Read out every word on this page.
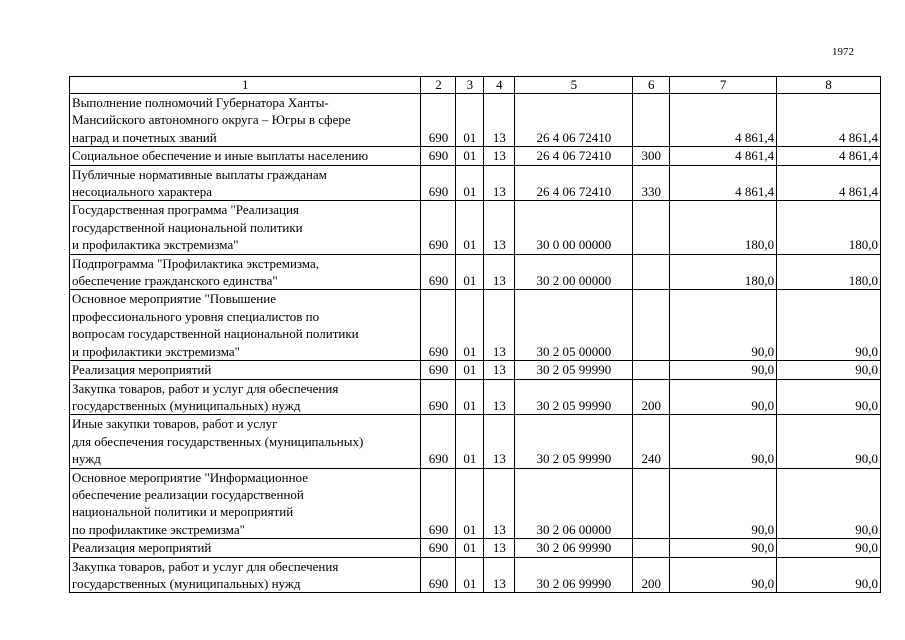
1972
1	2	3	4	5	6	7	8
Выполнение полномочий Губернатора Ханты-
Мансийского автономного округа – Югры в сфере
наград и почетных званий	690	01	13	26 4 06 72410		4 861,4	4 861,4
Социальное обеспечение и иные выплаты населению	690	01	13	26 4 06 72410	300	4 861,4	4 861,4
Публичные нормативные выплаты гражданам
несоциального характера	690	01	13	26 4 06 72410	330	4 861,4	4 861,4
Государственная программа "Реализация
государственной национальной политики
и профилактика экстремизма"	690	01	13	30 0 00 00000		180,0	180,0
Подпрограмма "Профилактика экстремизма,
обеспечение гражданского единства"	690	01	13	30 2 00 00000		180,0	180,0
Основное мероприятие "Повышение
профессионального уровня специалистов по
вопросам государственной национальной политики
и профилактики экстремизма"	690	01	13	30 2 05 00000		90,0	90,0
Реализация мероприятий	690	01	13	30 2 05 99990		90,0	90,0
Закупка товаров, работ и услуг для обеспечения
государственных (муниципальных) нужд	690	01	13	30 2 05 99990	200	90,0	90,0
Иные закупки товаров, работ и услуг
для обеспечения государственных (муниципальных)
нужд	690	01	13	30 2 05 99990	240	90,0	90,0
Основное мероприятие "Информационное
обеспечение реализации государственной
национальной политики и мероприятий
по профилактике экстремизма"	690	01	13	30 2 06 00000		90,0	90,0
Реализация мероприятий	690	01	13	30 2 06 99990		90,0	90,0
Закупка товаров, работ и услуг для обеспечения
государственных (муниципальных) нужд	690	01	13	30 2 06 99990	200	90,0	90,0
